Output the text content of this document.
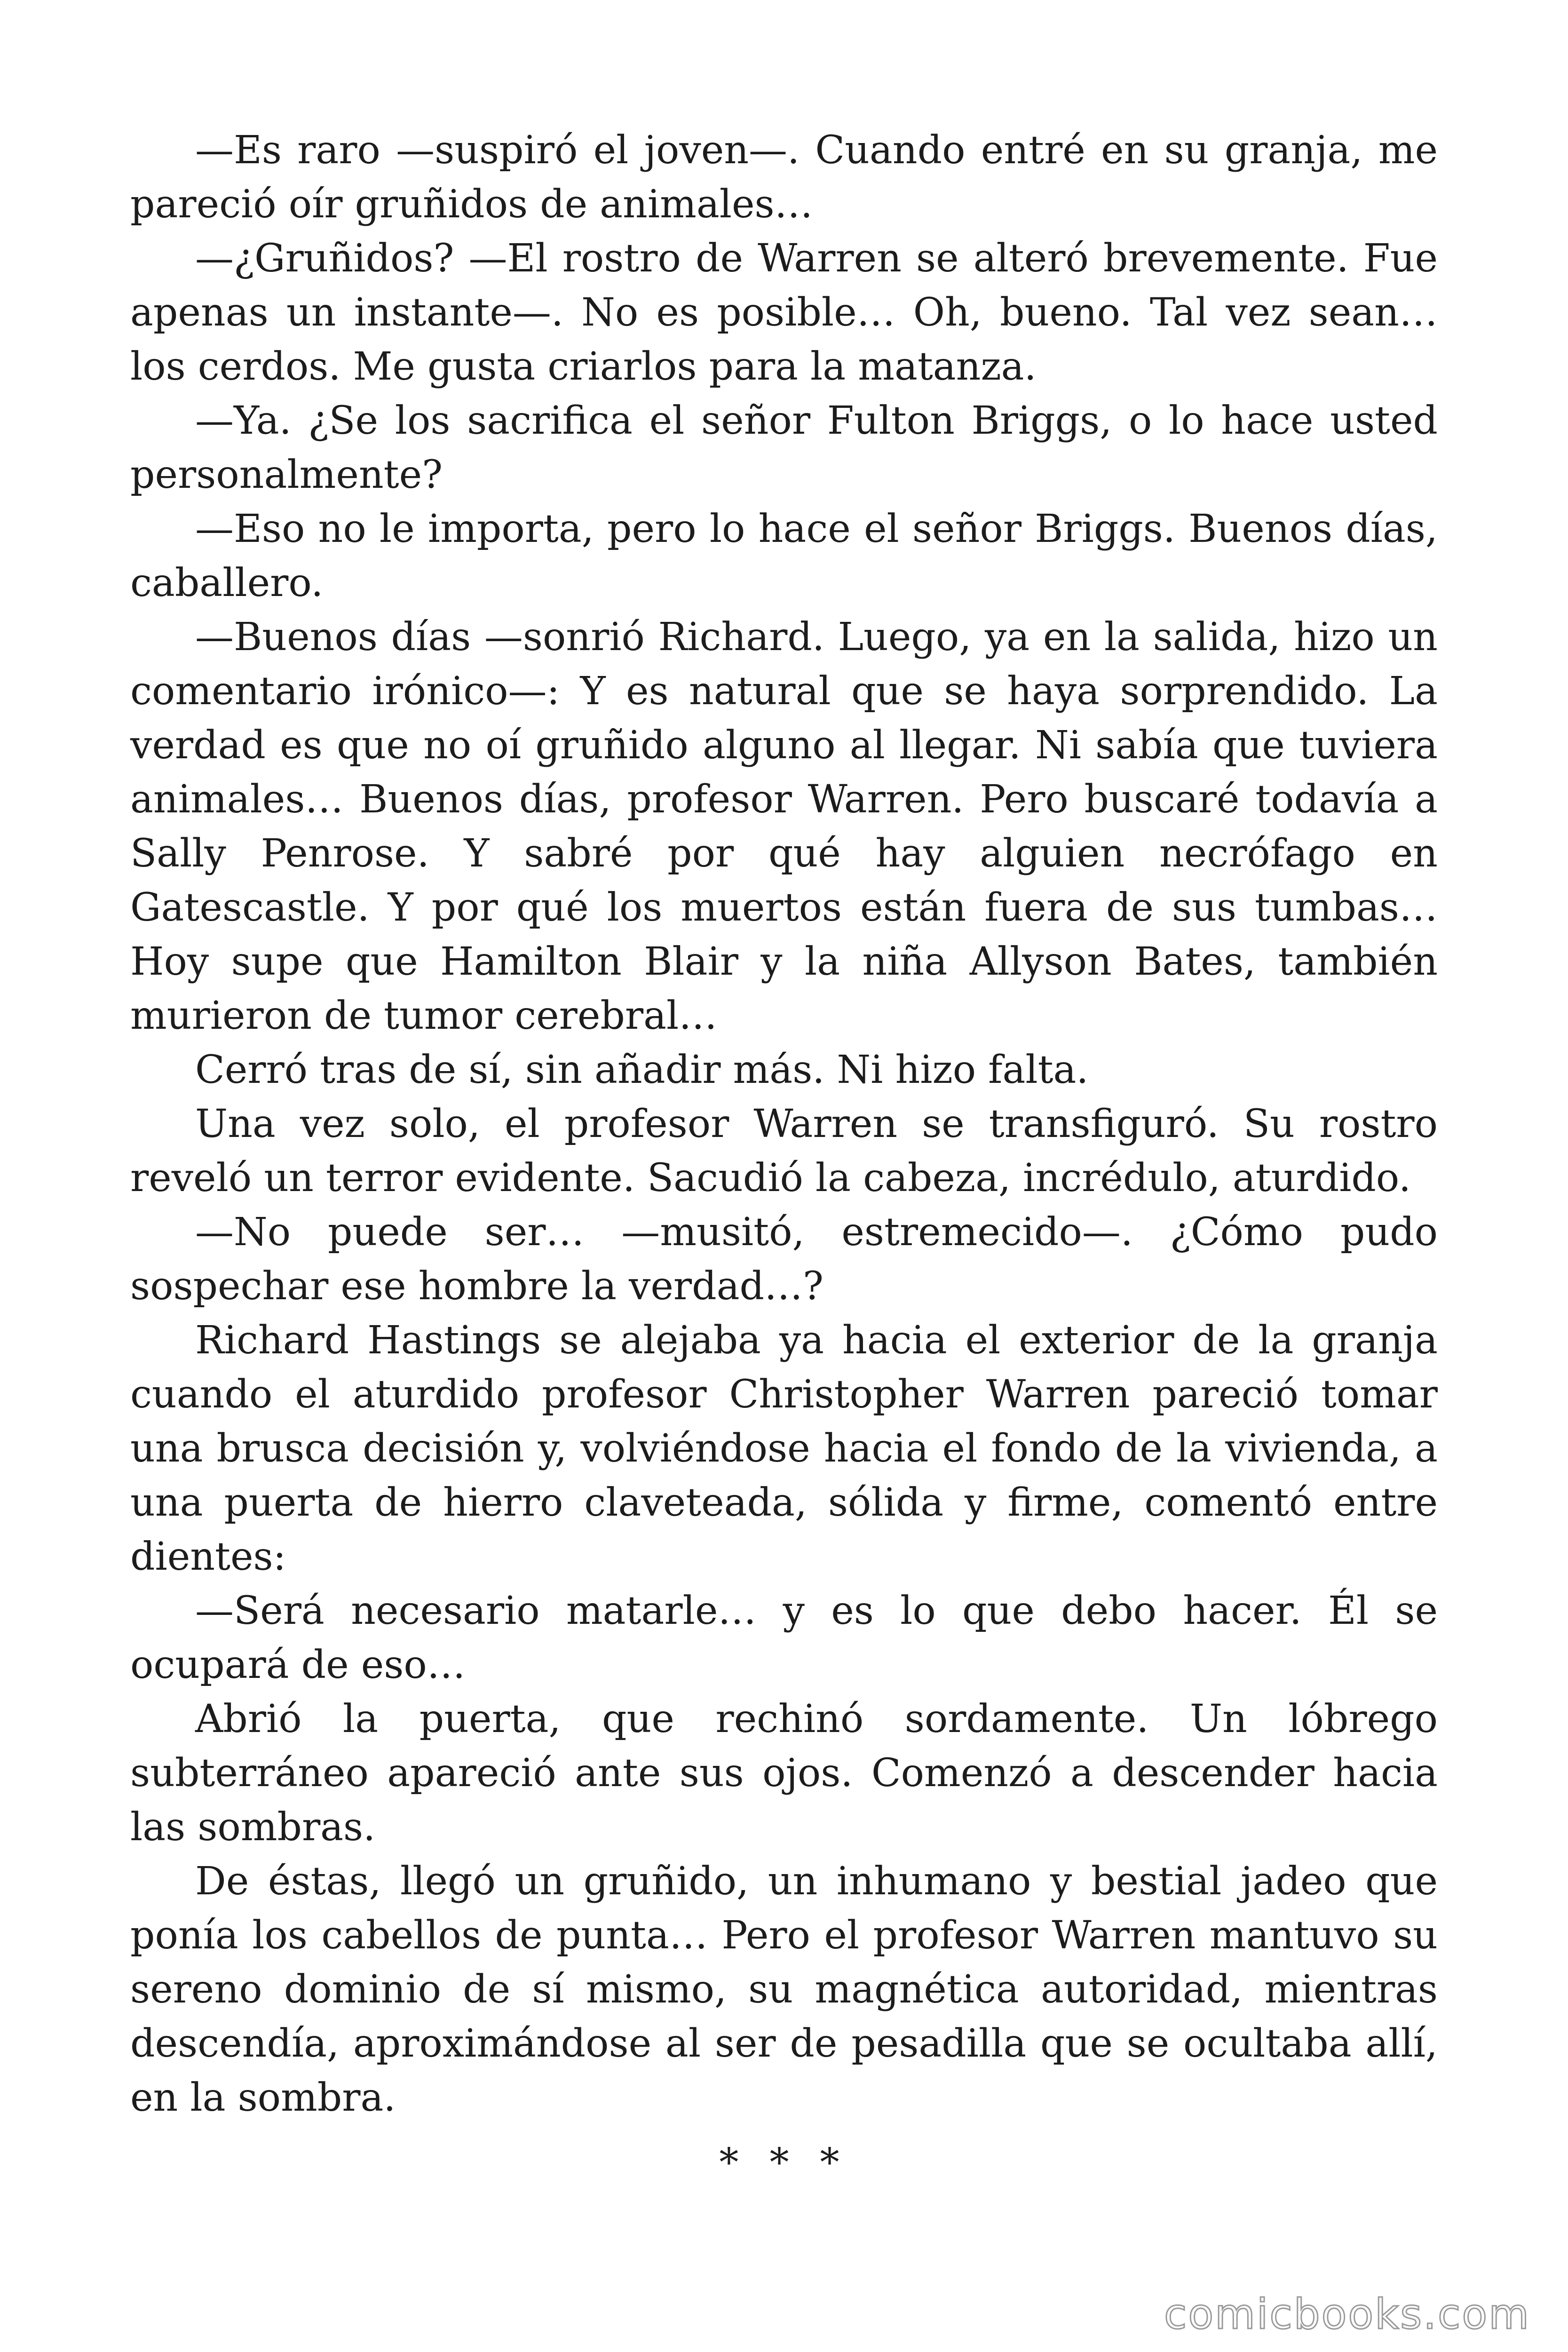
—Es raro —suspiró el joven—. Cuando entré en su granja, me pareció oír gruñidos de animales…

—¿Gruñidos? —El rostro de Warren se alteró brevemente. Fue apenas un instante—. No es posible… Oh, bueno. Tal vez sean… los cerdos. Me gusta criarlos para la matanza.

—Ya. ¿Se los sacrifica el señor Fulton Briggs, o lo hace usted personalmente?

—Eso no le importa, pero lo hace el señor Briggs. Buenos días, caballero.

—Buenos días —sonrió Richard. Luego, ya en la salida, hizo un comentario irónico—: Y es natural que se haya sorprendido. La verdad es que no oí gruñido alguno al llegar. Ni sabía que tuviera animales… Buenos días, profesor Warren. Pero buscaré todavía a Sally Penrose. Y sabré por qué hay alguien necrófago en Gatescastle. Y por qué los muertos están fuera de sus tumbas… Hoy supe que Hamilton Blair y la niña Allyson Bates, también murieron de tumor cerebral…

Cerró tras de sí, sin añadir más. Ni hizo falta.

Una vez solo, el profesor Warren se transfiguró. Su rostro reveló un terror evidente. Sacudió la cabeza, incrédulo, aturdido.

—No puede ser… —musitó, estremecido—. ¿Cómo pudo sospechar ese hombre la verdad…?

Richard Hastings se alejaba ya hacia el exterior de la granja cuando el aturdido profesor Christopher Warren pareció tomar una brusca decisión y, volviéndose hacia el fondo de la vivienda, a una puerta de hierro claveteada, sólida y firme, comentó entre dientes:

—Será necesario matarle… y es lo que debo hacer. Él se ocupará de eso…

Abrió la puerta, que rechinó sordamente. Un lóbrego subterráneo apareció ante sus ojos. Comenzó a descender hacia las sombras.

De éstas, llegó un gruñido, un inhumano y bestial jadeo que ponía los cabellos de punta… Pero el profesor Warren mantuvo su sereno dominio de sí mismo, su magnética autoridad, mientras descendía, aproximándose al ser de pesadilla que se ocultaba allí, en la sombra.

* * *
comicbooks.com
